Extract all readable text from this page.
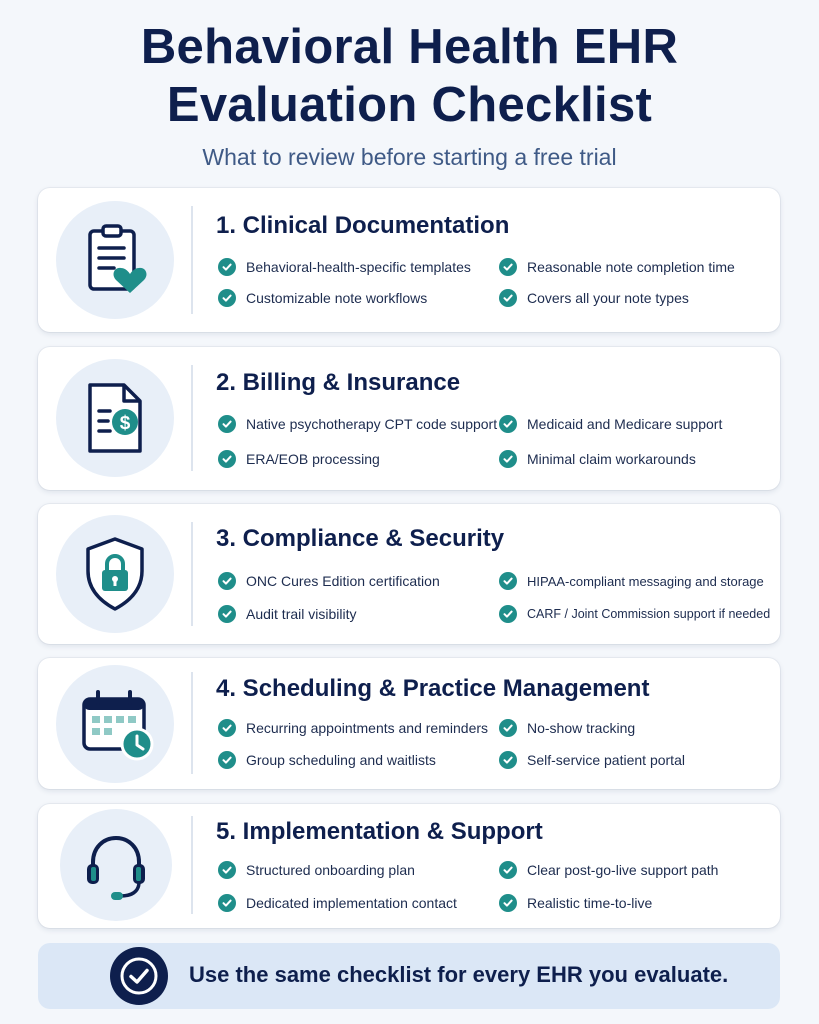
Behavioral Health EHR
Evaluation Checklist
What to review before starting a free trial
1. Clinical Documentation
Behavioral-health-specific templates	Reasonable note completion time
Customizable note workflows	Covers all your note types
$
2. Billing & Insurance
Native psychotherapy CPT code support Medicaid and Medicare support
ERA/EOB processing	Minimal claim workarounds
3. Compliance & Security
ONC Cures Edition certification	HIPAA-compliant messaging and storage
Audit trail visibility	CARF / Joint Commission support if needed
4. Scheduling & Practice Management
Recurring appointments and reminders	No-show tracking
Group scheduling and waitlists	Self-service patient portal
5. Implementation & Support
Structured onboarding plan	Clear post-go-live support path
Dedicated implementation contact	Realistic time-to-live
Use the same checklist for every EHR you evaluate.
